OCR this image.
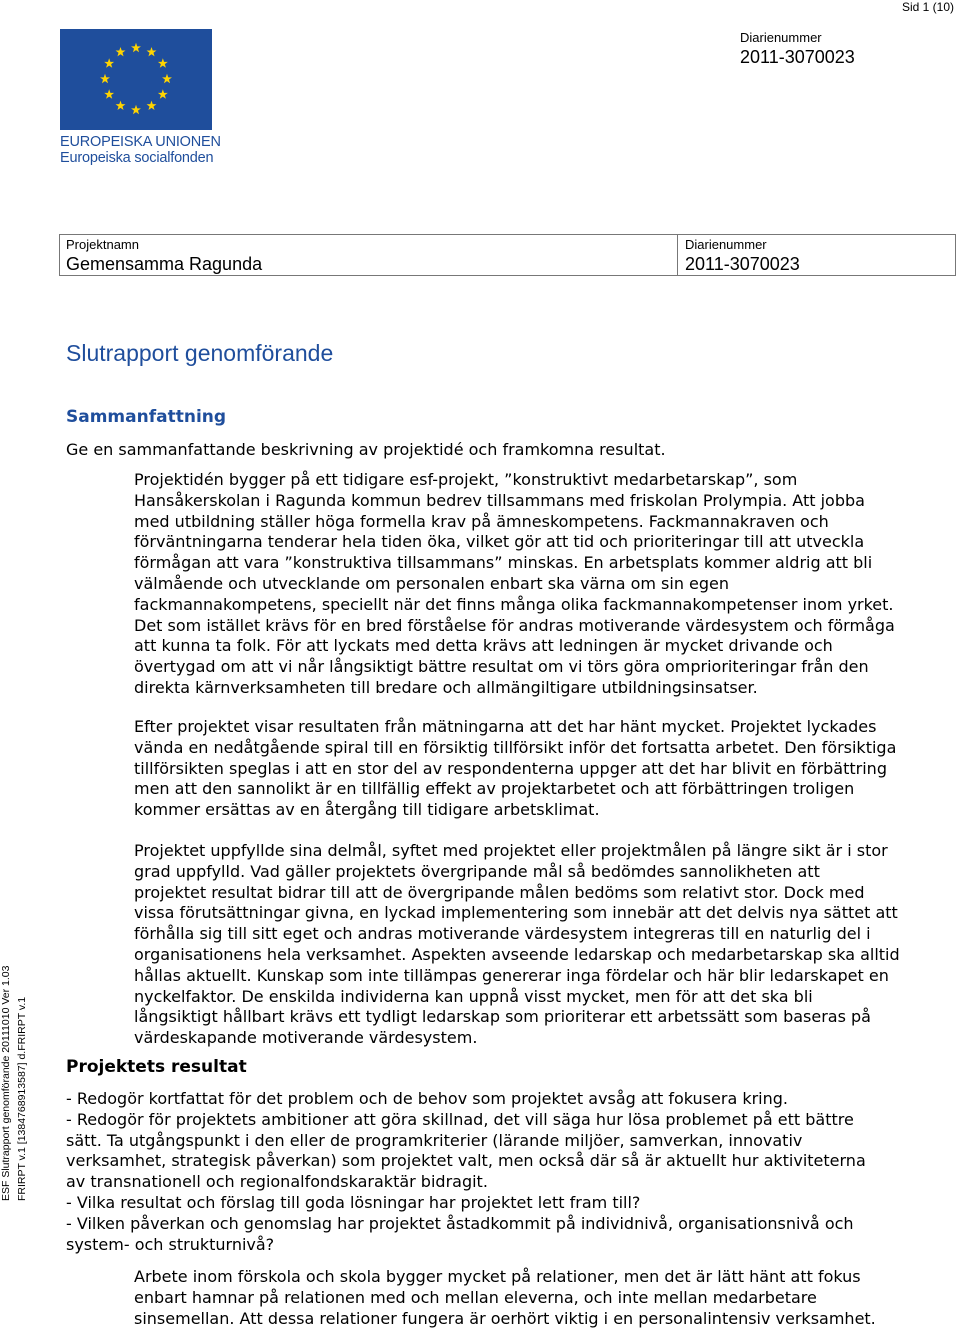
Sid 1 (10)
EUROPEISKA UNIONEN
Europeiska socialfonden
Diarienummer
2011-3070023
Projektnamn
Gemensamma Ragunda
Diarienummer
2011-3070023
Slutrapport genomförande
Sammanfattning
Ge en sammanfattande beskrivning av projektidé och framkomna resultat.
Projektidén bygger på ett tidigare esf-projekt, ”konstruktivt medarbetarskap”, som
Hansåkerskolan i Ragunda kommun bedrev tillsammans med friskolan Prolympia. Att jobba
med utbildning ställer höga formella krav på ämneskompetens. Fackmannakraven och
förväntningarna tenderar hela tiden öka, vilket gör att tid och prioriteringar till att utveckla
förmågan att vara ”konstruktiva tillsammans” minskas. En arbetsplats kommer aldrig att bli
välmående och utvecklande om personalen enbart ska värna om sin egen
fackmannakompetens, speciellt när det finns många olika fackmannakompetenser inom yrket.
Det som istället krävs för en bred förståelse för andras motiverande värdesystem och förmåga
att kunna ta folk. För att lyckats med detta krävs att ledningen är mycket drivande och
övertygad om att vi når långsiktigt bättre resultat om vi törs göra omprioriteringar från den
direkta kärnverksamheten till bredare och allmängiltigare utbildningsinsatser.
Efter projektet visar resultaten från mätningarna att det har hänt mycket. Projektet lyckades
vända en nedåtgående spiral till en försiktig tillförsikt inför det fortsatta arbetet. Den försiktiga
tillförsikten speglas i att en stor del av respondenterna uppger att det har blivit en förbättring
men att den sannolikt är en tillfällig effekt av projektarbetet och att förbättringen troligen
kommer ersättas av en återgång till tidigare arbetsklimat.
Projektet uppfyllde sina delmål, syftet med projektet eller projektmålen på längre sikt är i stor
grad uppfylld. Vad gäller projektets övergripande mål så bedömdes sannolikheten att
projektet resultat bidrar till att de övergripande målen bedöms som relativt stor. Dock med
vissa förutsättningar givna, en lyckad implementering som innebär att det delvis nya sättet att
förhålla sig till sitt eget och andras motiverande värdesystem integreras till en naturlig del i
organisationens hela verksamhet. Aspekten avseende ledarskap och medarbetarskap ska alltid
hållas aktuellt. Kunskap som inte tillämpas genererar inga fördelar och här blir ledarskapet en
nyckelfaktor. De enskilda individerna kan uppnå visst mycket, men för att det ska bli
långsiktigt hållbart krävs ett tydligt ledarskap som prioriterar ett arbetssätt som baseras på
värdeskapande motiverande värdesystem.
Projektets resultat
- Redogör kortfattat för det problem och de behov som projektet avsåg att fokusera kring.
- Redogör för projektets ambitioner att göra skillnad, det vill säga hur lösa problemet på ett bättre
sätt. Ta utgångspunkt i den eller de programkriterier (lärande miljöer, samverkan, innovativ
verksamhet, strategisk påverkan) som projektet valt, men också där så är aktuellt hur aktiviteterna
av transnationell och regionalfondskaraktär bidragit.
- Vilka resultat och förslag till goda lösningar har projektet lett fram till?
- Vilken påverkan och genomslag har projektet åstadkommit på individnivå, organisationsnivå och
system- och strukturnivå?
Arbete inom förskola och skola bygger mycket på relationer, men det är lätt hänt att fokus
enbart hamnar på relationen med och mellan eleverna, och inte mellan medarbetare
sinsemellan. Att dessa relationer fungera är oerhört viktig i en personalintensiv verksamhet.
ESF Slutrapport genomförande 20111010 Ver 1.03 FRIRPT v.1 [1384768913587] d.FRIRPT v.1
